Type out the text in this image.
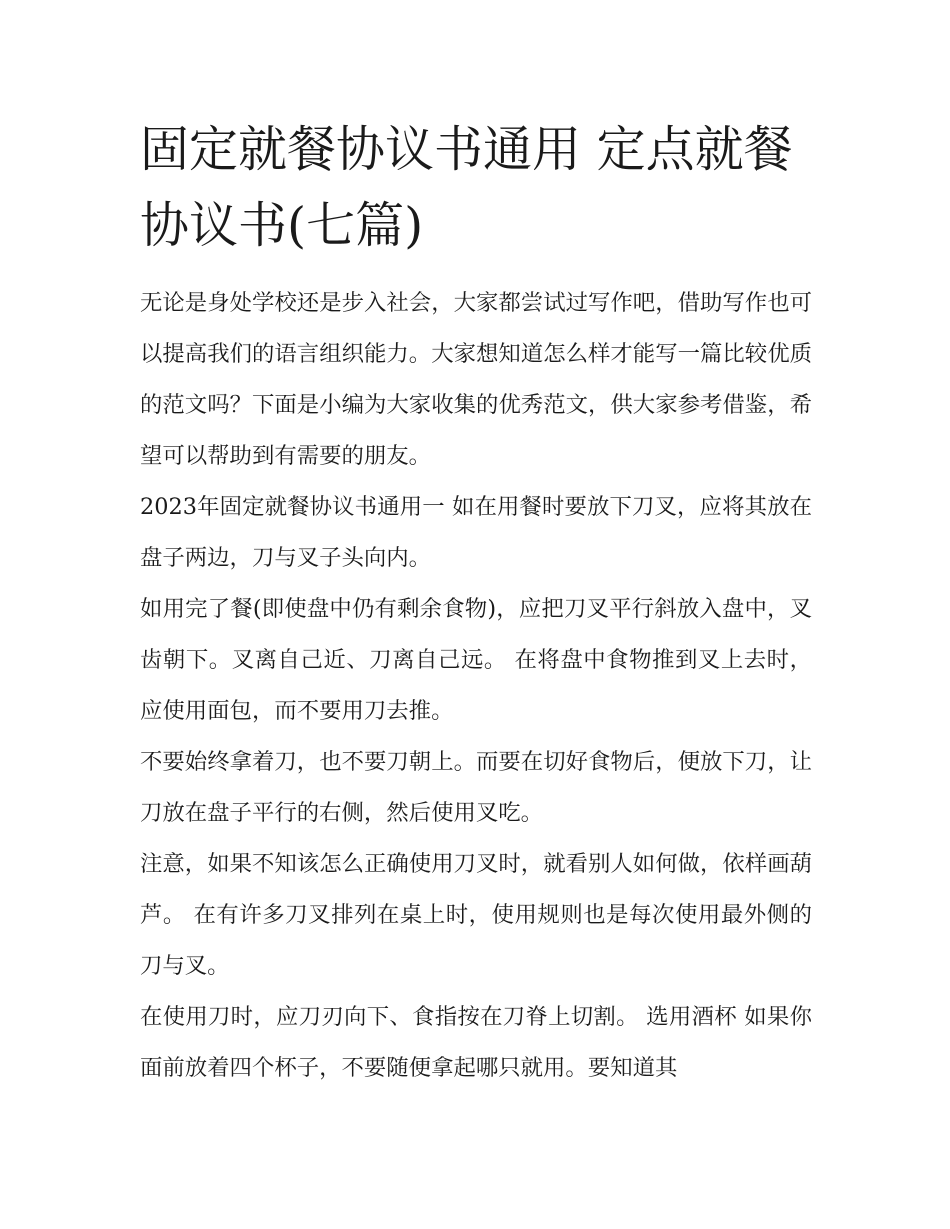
固定就餐协议书通用 定点就餐协议书(七篇)

无论是身处学校还是步入社会，大家都尝试过写作吧，借助写作也可以提高我们的语言组织能力。大家想知道怎么样才能写一篇比较优质的范文吗？下面是小编为大家收集的优秀范文，供大家参考借鉴，希望可以帮助到有需要的朋友。

2023年固定就餐协议书通用一 如在用餐时要放下刀叉，应将其放在盘子两边，刀与叉子头向内。

如用完了餐(即使盘中仍有剩余食物)，应把刀叉平行斜放入盘中，叉齿朝下。叉离自己近、刀离自己远。 在将盘中食物推到叉上去时，应使用面包，而不要用刀去推。

不要始终拿着刀，也不要刀朝上。而要在切好食物后，便放下刀，让刀放在盘子平行的右侧，然后使用叉吃。

注意，如果不知该怎么正确使用刀叉时，就看别人如何做，依样画葫芦。 在有许多刀叉排列在桌上时，使用规则也是每次使用最外侧的刀与叉。

在使用刀时，应刀刃向下、食指按在刀脊上切割。 选用酒杯 如果你面前放着四个杯子，不要随便拿起哪只就用。要知道其
